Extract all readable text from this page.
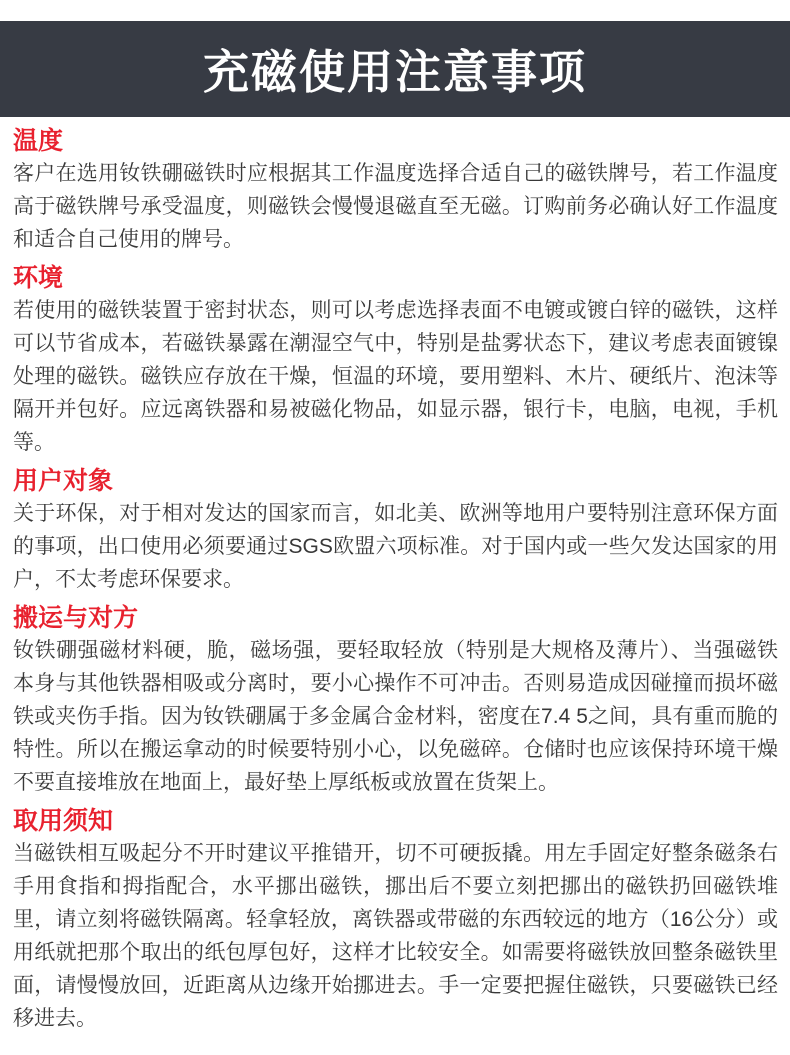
充磁使用注意事项
温度

客户在选用钕铁硼磁铁时应根据其工作温度选择合适自己的磁铁牌号，若工作温度高于磁铁牌号承受温度，则磁铁会慢慢退磁直至无磁。订购前务必确认好工作温度和适合自己使用的牌号。

环境

若使用的磁铁装置于密封状态，则可以考虑选择表面不电镀或镀白锌的磁铁，这样可以节省成本，若磁铁暴露在潮湿空气中，特别是盐雾状态下，建议考虑表面镀镍处理的磁铁。磁铁应存放在干燥，恒温的环境，要用塑料、木片、硬纸片、泡沫等隔开并包好。应远离铁器和易被磁化物品，如显示器，银行卡，电脑，电视，手机等。

用户对象

关于环保，对于相对发达的国家而言，如北美、欧洲等地用户要特别注意环保方面的事项，出口使用必须要通过SGS欧盟六项标准。对于国内或一些欠发达国家的用户，不太考虑环保要求。

搬运与对方

钕铁硼强磁材料硬，脆，磁场强，要轻取轻放（特别是大规格及薄片）、当强磁铁本身与其他铁器相吸或分离时，要小心操作不可冲击。否则易造成因碰撞而损坏磁铁或夹伤手指。因为钕铁硼属于多金属合金材料，密度在7.4 5之间，具有重而脆的特性。所以在搬运拿动的时候要特别小心，以免磁碎。仓储时也应该保持环境干燥不要直接堆放在地面上，最好垫上厚纸板或放置在货架上。

取用须知

当磁铁相互吸起分不开时建议平推错开，切不可硬扳撬。用左手固定好整条磁条右手用食指和拇指配合，水平挪出磁铁，挪出后不要立刻把挪出的磁铁扔回磁铁堆里，请立刻将磁铁隔离。轻拿轻放，离铁器或带磁的东西较远的地方（16公分）或用纸就把那个取出的纸包厚包好，这样才比较安全。如需要将磁铁放回整条磁铁里面，请慢慢放回，近距离从边缘开始挪进去。手一定要把握住磁铁，只要磁铁已经移进去。
